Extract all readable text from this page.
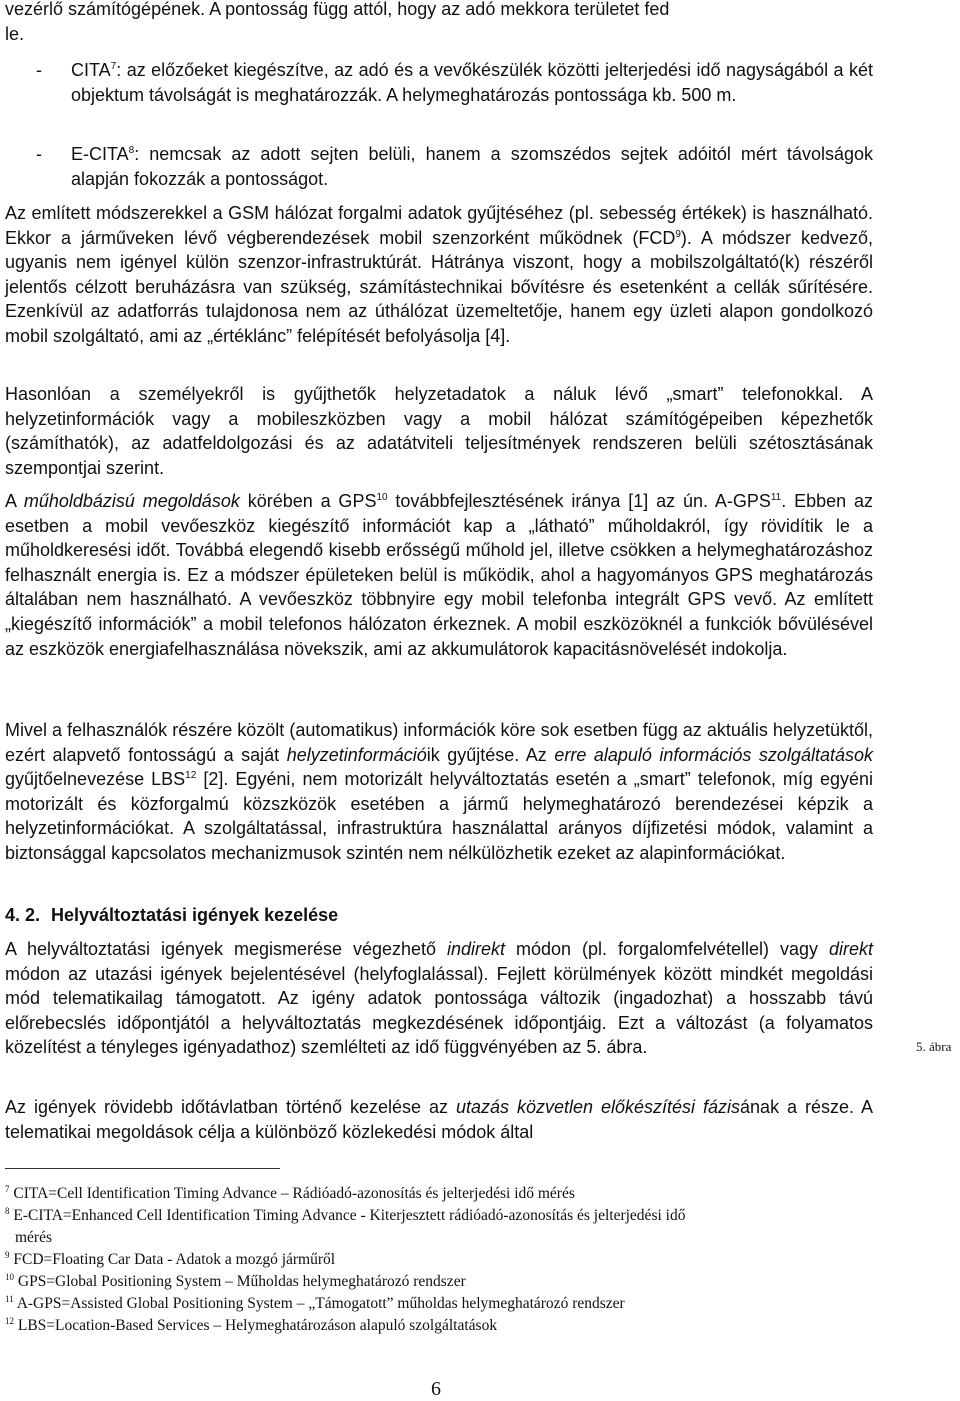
vezérlő számítógépének. A pontosság függ attól, hogy az adó mekkora területet fed
le.
- CITA$^7$: az előzőeket kiegészítve, az adó és a vevőkészülék közötti jelterjedési idő nagyságából a két objektum távolságát is meghatározzák. A helymeghatározás pontossága kb. 500 m.

- E-CITA$^8$: nemcsak az adott sejten belüli, hanem a szomszédos sejtek adóitól mért távolságok alapján fokozzák a pontosságot.

Az említett módszerekkel a GSM hálózat forgalmi adatok gyűjtéséhez (pl. sebesség értékek) is használható. Ekkor a járműveken lévő végberendezések mobil szenzorként működnek (FCD$^9$). A módszer kedvező, ugyanis nem igényel külön szenzor-infrastruktúrát. Hátránya viszont, hogy a mobilszolgáltató(k) részéről jelentős célzott beruházásra van szükség, számítástechnikai bővítésre és esetenként a cellák sűrítésére. Ezenkívül az adatforrás tulajdonosa nem az úthálózat üzemeltetője, hanem egy üzleti alapon gondolkozó mobil szolgáltató, ami az „értéklánc” felépítését befolyásolja [4].

Hasonlóan a személyekről is gyűjthetők helyzetadatok a náluk lévő „smart” telefonokkal. A helyzetinformációk vagy a mobileszközben vagy a mobil hálózat számítógépeiben képezhetők (számíthatók), az adatfeldolgozási és az adatátviteli teljesítmények rendszeren belüli szétosztásának szempontjai szerint.

A műholdbázisú megoldások körében a GPS$^{10}$ továbbfejlesztésének iránya [1] az ún. A-GPS$^{11}$. Ebben az esetben a mobil vevőeszköz kiegészítő információt kap a „látható” műholdakról, így rövidítik le a műholdkeresési időt. Továbbá elegendő kisebb erősségű műhold jel, illetve csökken a helymeghatározáshoz felhasznált energia is. Ez a módszer épületeken belül is működik, ahol a hagyományos GPS meghatározás általában nem használható. A vevőeszköz többnyire egy mobil telefonba integrált GPS vevő. Az említett „kiegészítő információk” a mobil telefonos hálózaton érkeznek. A mobil eszközöknél a funkciók bővülésével az eszközök energiafelhasználása növekszik, ami az akkumulátorok kapacitásnövelését indokolja.

Mivel a felhasználók részére közölt (automatikus) információk köre sok esetben függ az aktuális helyzetüktől, ezért alapvető fontosságú a saját helyzetinformációik gyűjtése. Az erre alapuló információs szolgáltatások gyűjtőelnevezése LBS$^{12}$ [2]. Egyéni, nem motorizált helyváltoztatás esetén a „smart” telefonok, míg egyéni motorizált és közforgalmú közszközök esetében a jármű helymeghatározó berendezései képzik a helyzetinformációkat. A szolgáltatással, infrastruktúra használattal arányos díjfizetési módok, valamint a biztonsággal kapcsolatos mechanizmusok szintén nem nélkülözhetik ezeket az alapinformációkat.

4. 2. Helyváltoztatási igények kezelése

A helyváltoztatási igények megismerése végezhető indirekt módon (pl. forgalomfelvétellel) vagy direkt módon az utazási igények bejelentésével (helyfoglalással). Fejlett körülmények között mindkét megoldási mód telematikailag támogatott. Az igény adatok pontossága változik (ingadozhat) a hosszabb távú előrebecslés időpontjától a helyváltoztatás megkezdésének időpontjáig. Ezt a változást (a folyamatos közelítést a tényleges igényadathoz) szemlélteti az idő függvényében az 5. ábra.	5. ábra

Az igények rövidebb időtávlatban történő kezelése az utazás közvetlen előkészítési fázisának a része. A telematikai megoldások célja a különböző közlekedési módok által

$^7$ CITA=Cell Identification Timing Advance – Rádióadó-azonosítás és jelterjedési idő mérés

$^8$ E-CITA=Enhanced Cell Identification Timing Advance - Kiterjesztett rádióadó-azonosítás és jelterjedési idő

mérés

$^9$ FCD=Floating Car Data - Adatok a mozgó járműről

$^{10}$ GPS=Global Positioning System – Műholdas helymeghatározó rendszer

$^{11}$ A-GPS=Assisted Global Positioning System – „Támogatott” műholdas helymeghatározó rendszer

$^{12}$ LBS=Location-Based Services – Helymeghatározáson alapuló szolgáltatások

6
